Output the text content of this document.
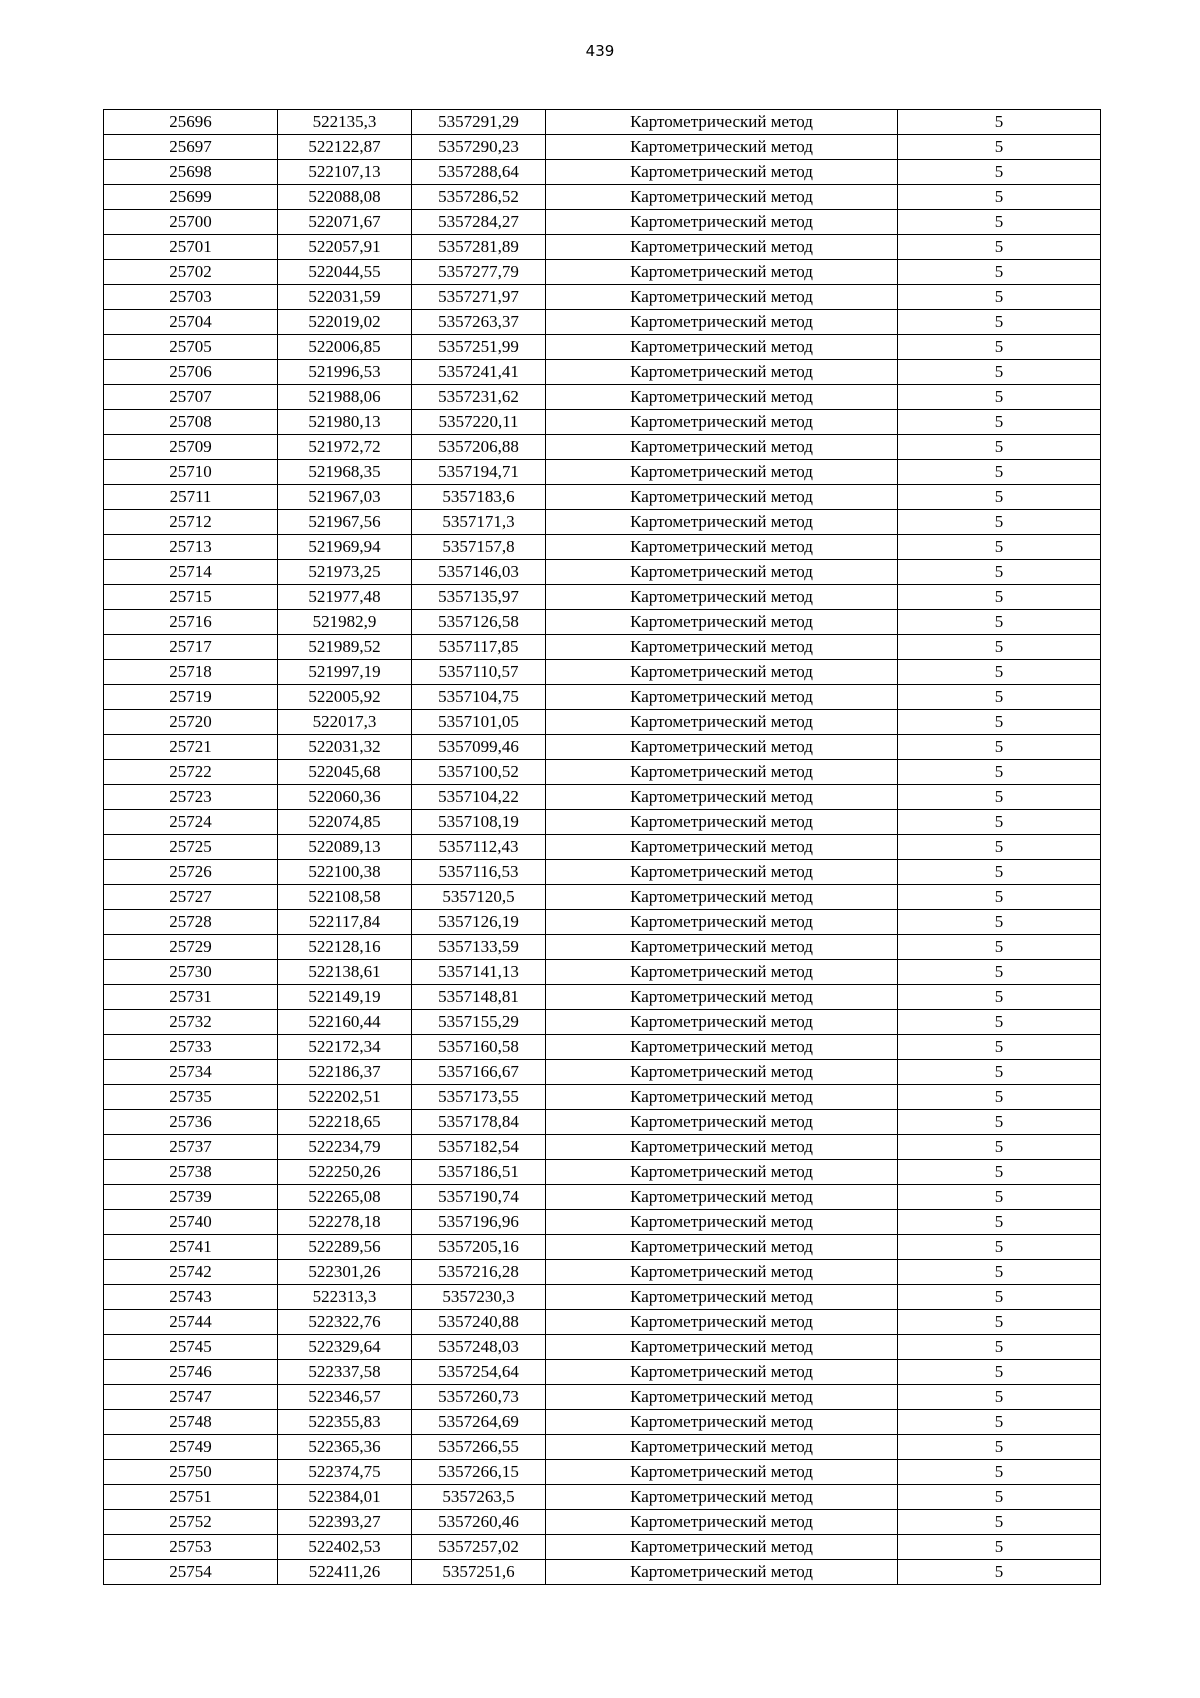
439
25696	522135,3	5357291,29	Картометрический метод	5
25697	522122,87	5357290,23	Картометрический метод	5
25698	522107,13	5357288,64	Картометрический метод	5
25699	522088,08	5357286,52	Картометрический метод	5
25700	522071,67	5357284,27	Картометрический метод	5
25701	522057,91	5357281,89	Картометрический метод	5
25702	522044,55	5357277,79	Картометрический метод	5
25703	522031,59	5357271,97	Картометрический метод	5
25704	522019,02	5357263,37	Картометрический метод	5
25705	522006,85	5357251,99	Картометрический метод	5
25706	521996,53	5357241,41	Картометрический метод	5
25707	521988,06	5357231,62	Картометрический метод	5
25708	521980,13	5357220,11	Картометрический метод	5
25709	521972,72	5357206,88	Картометрический метод	5
25710	521968,35	5357194,71	Картометрический метод	5
25711	521967,03	5357183,6	Картометрический метод	5
25712	521967,56	5357171,3	Картометрический метод	5
25713	521969,94	5357157,8	Картометрический метод	5
25714	521973,25	5357146,03	Картометрический метод	5
25715	521977,48	5357135,97	Картометрический метод	5
25716	521982,9	5357126,58	Картометрический метод	5
25717	521989,52	5357117,85	Картометрический метод	5
25718	521997,19	5357110,57	Картометрический метод	5
25719	522005,92	5357104,75	Картометрический метод	5
25720	522017,3	5357101,05	Картометрический метод	5
25721	522031,32	5357099,46	Картометрический метод	5
25722	522045,68	5357100,52	Картометрический метод	5
25723	522060,36	5357104,22	Картометрический метод	5
25724	522074,85	5357108,19	Картометрический метод	5
25725	522089,13	5357112,43	Картометрический метод	5
25726	522100,38	5357116,53	Картометрический метод	5
25727	522108,58	5357120,5	Картометрический метод	5
25728	522117,84	5357126,19	Картометрический метод	5
25729	522128,16	5357133,59	Картометрический метод	5
25730	522138,61	5357141,13	Картометрический метод	5
25731	522149,19	5357148,81	Картометрический метод	5
25732	522160,44	5357155,29	Картометрический метод	5
25733	522172,34	5357160,58	Картометрический метод	5
25734	522186,37	5357166,67	Картометрический метод	5
25735	522202,51	5357173,55	Картометрический метод	5
25736	522218,65	5357178,84	Картометрический метод	5
25737	522234,79	5357182,54	Картометрический метод	5
25738	522250,26	5357186,51	Картометрический метод	5
25739	522265,08	5357190,74	Картометрический метод	5
25740	522278,18	5357196,96	Картометрический метод	5
25741	522289,56	5357205,16	Картометрический метод	5
25742	522301,26	5357216,28	Картометрический метод	5
25743	522313,3	5357230,3	Картометрический метод	5
25744	522322,76	5357240,88	Картометрический метод	5
25745	522329,64	5357248,03	Картометрический метод	5
25746	522337,58	5357254,64	Картометрический метод	5
25747	522346,57	5357260,73	Картометрический метод	5
25748	522355,83	5357264,69	Картометрический метод	5
25749	522365,36	5357266,55	Картометрический метод	5
25750	522374,75	5357266,15	Картометрический метод	5
25751	522384,01	5357263,5	Картометрический метод	5
25752	522393,27	5357260,46	Картометрический метод	5
25753	522402,53	5357257,02	Картометрический метод	5
25754	522411,26	5357251,6	Картометрический метод	5
